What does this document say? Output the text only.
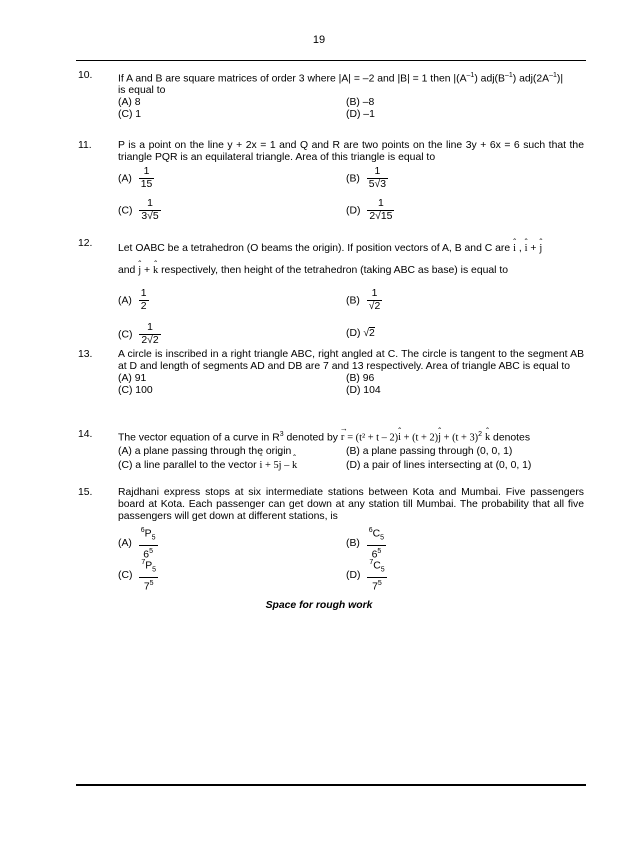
19
10. If A and B are square matrices of order 3 where |A| = –2 and |B| = 1 then $|(A^{-1})$ $adj(B^{-1})$ $adj(2A^{-1})|$
is equal to
(A) 8	(B) –8
(C) 1	(D) –1
11.	P is a point on the line y + 2x = 1 and Q and R are two points on the line 3y + 6x = 6 such that the triangle PQR is an equilateral triangle. Area of this triangle is equal to
$(A) \frac{1}{15}$	$(B) \frac{1}{5√3}$
$(C) \frac{1}{3√5}$	$(D) \frac{1}{2√15}$
12. Let OABC be a tetrahedron (O beams the origin). If position vectors of A, B and C are ˆ i , ˆ i + ˆ j
and ˆ j + ˆ k respectively, then height of the tetrahedron (taking ABC as base) is equal to
$(A) \frac{1}{2}$	$(B) \frac{1}{√2}$
$(C) \frac{1}{2√2}$	(D) √2
13. A circle is inscribed in a right triangle ABC, right angled at C. The circle is tangent to the segment AB at D and length of segments AD and DB are 7 and 13 respectively. Area of triangle ABC is equal to
(A) 91	(B) 96
(C) 100	(D) 104
14. The vector equation of a curve in $R^3$ denoted by → r = (t² + t – 2)ˆ i + (t + 2)ˆ $j + (t + 3)^2$ ˆ k denotes
(A) a plane passing through the origin	(B) a plane passing through (0, 0, 1)
(C) a line parallel to the vector ˆ i + 5ˆ j – ˆ k	(D) a pair of lines intersecting at (0, 0, 1)
15. Rajdhani express stops at six intermediate stations between Kota and Mumbai. Five passengers board at Kota. Each passenger can get down at any station till Mumbai. The probability that all five passengers will get down at different stations, is
$(A) \frac{^6P_5}{6^5}$	$(B) \frac{^6C_5}{6^5}$
$(C) \frac{^7P_5}{7^5}$	$(D) \frac{^7C_5}{7^5}$
Space for rough work
